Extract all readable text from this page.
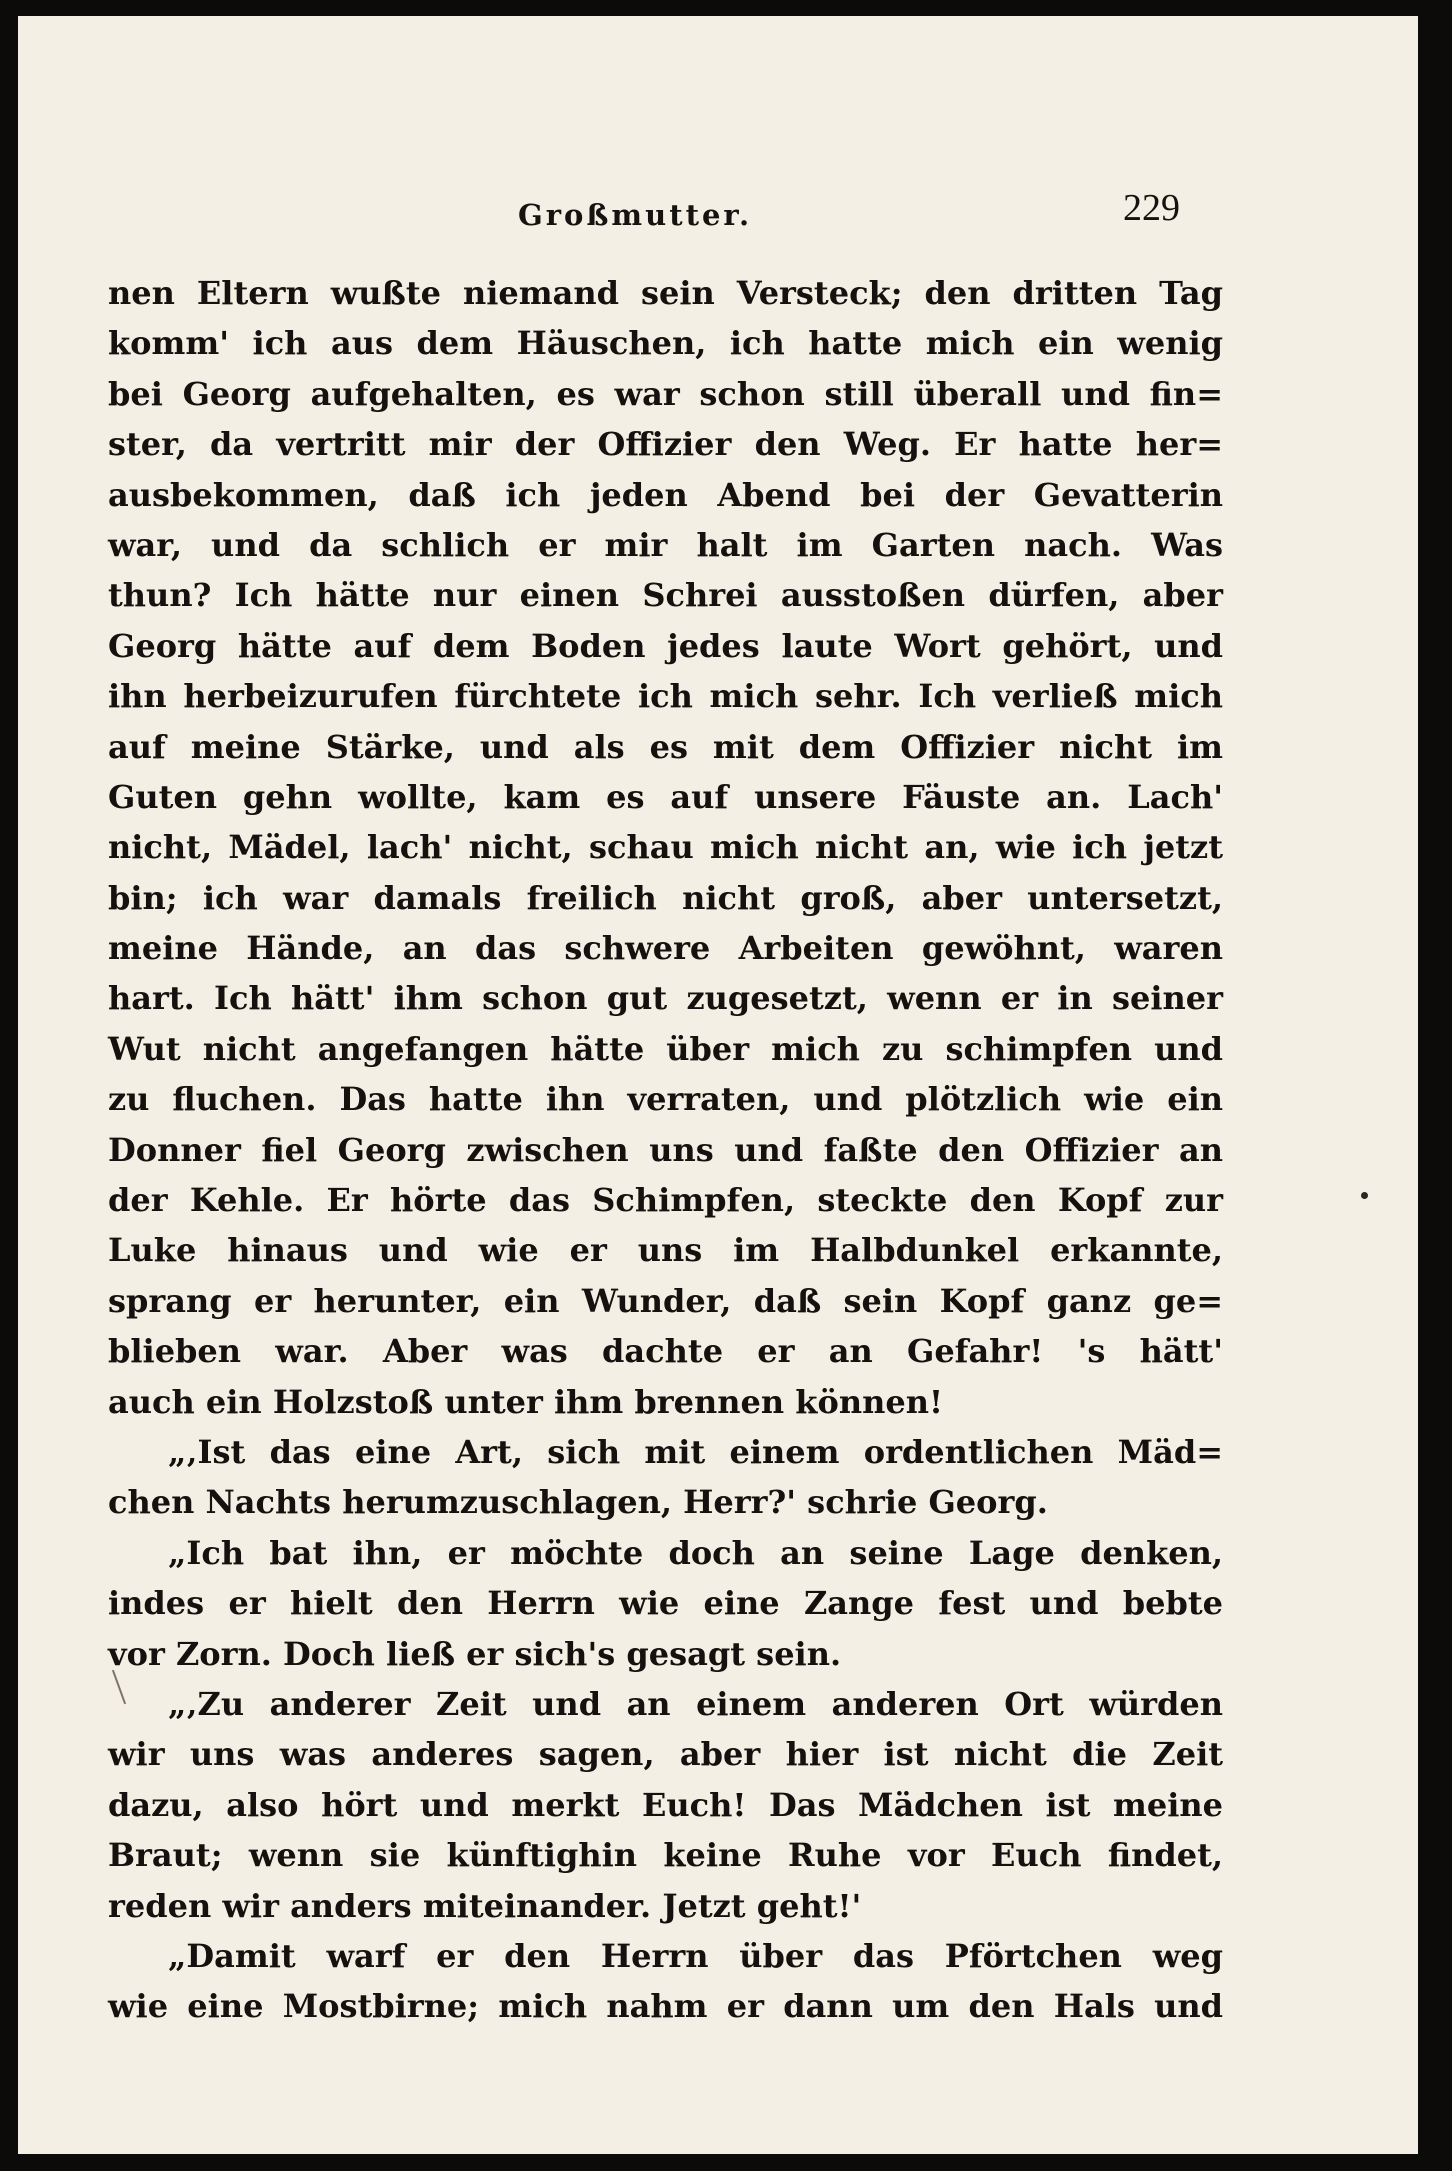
Großmutter.	229
nen Eltern wußte niemand sein Versteck; den dritten Tag
komm' ich aus dem Häuschen, ich hatte mich ein wenig
bei Georg aufgehalten, es war schon still überall und fin=
ster, da vertritt mir der Offizier den Weg. Er hatte her=
ausbekommen, daß ich jeden Abend bei der Gevatterin
war, und da schlich er mir halt im Garten nach. Was
thun? Ich hätte nur einen Schrei ausstoßen dürfen, aber
Georg hätte auf dem Boden jedes laute Wort gehört, und
ihn herbeizurufen fürchtete ich mich sehr. Ich verließ mich
auf meine Stärke, und als es mit dem Offizier nicht im
Guten gehn wollte, kam es auf unsere Fäuste an. Lach'
nicht, Mädel, lach' nicht, schau mich nicht an, wie ich jetzt
bin; ich war damals freilich nicht groß, aber untersetzt,
meine Hände, an das schwere Arbeiten gewöhnt, waren
hart. Ich hätt' ihm schon gut zugesetzt, wenn er in seiner
Wut nicht angefangen hätte über mich zu schimpfen und
zu fluchen. Das hatte ihn verraten, und plötzlich wie ein
Donner fiel Georg zwischen uns und faßte den Offizier an
der Kehle. Er hörte das Schimpfen, steckte den Kopf zur
Luke hinaus und wie er uns im Halbdunkel erkannte,
sprang er herunter, ein Wunder, daß sein Kopf ganz ge=
blieben war. Aber was dachte er an Gefahr! 's hätt'
auch ein Holzstoß unter ihm brennen können!
„‚Ist das eine Art, sich mit einem ordentlichen Mäd=
chen Nachts herumzuschlagen, Herr?' schrie Georg.
„Ich bat ihn, er möchte doch an seine Lage denken,
indes er hielt den Herrn wie eine Zange fest und bebte
vor Zorn. Doch ließ er sich's gesagt sein.
„‚Zu anderer Zeit und an einem anderen Ort würden
wir uns was anderes sagen, aber hier ist nicht die Zeit
dazu, also hört und merkt Euch! Das Mädchen ist meine
Braut; wenn sie künftighin keine Ruhe vor Euch findet,
reden wir anders miteinander. Jetzt geht!'
„Damit warf er den Herrn über das Pförtchen weg
wie eine Mostbirne; mich nahm er dann um den Hals und
